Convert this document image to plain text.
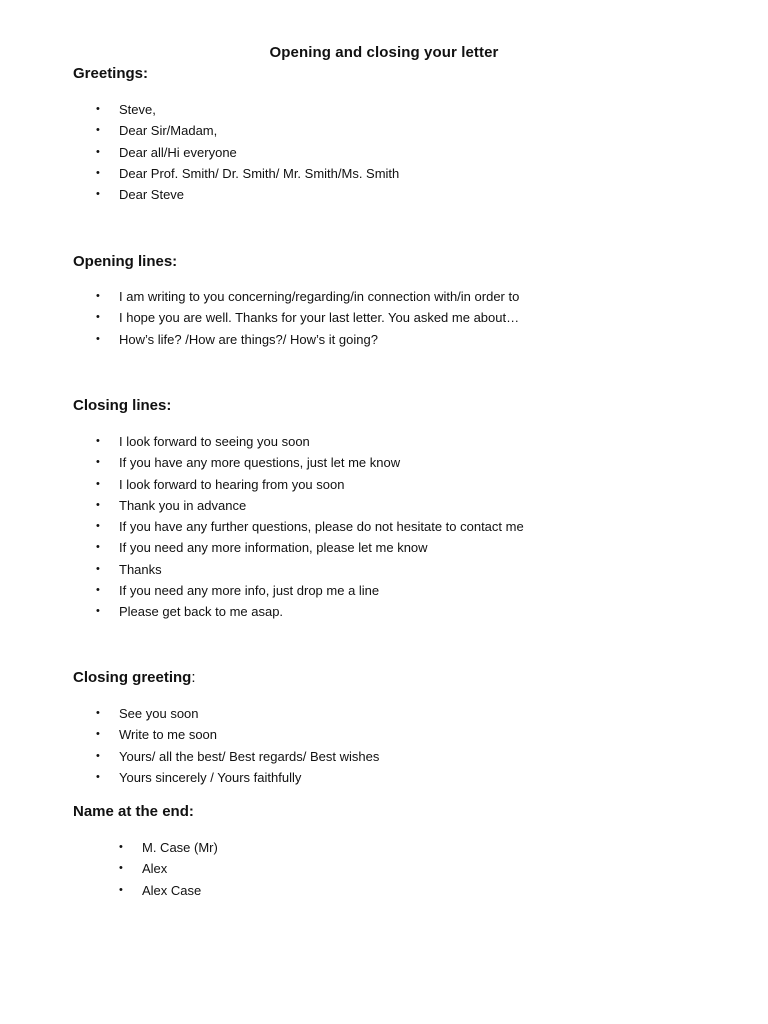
Opening and closing your letter
Greetings:
• Steve,
• Dear Sir/Madam,
• Dear all/Hi everyone
• Dear Prof. Smith/ Dr. Smith/ Mr. Smith/Ms. Smith
• Dear Steve
Opening lines:
• I am writing to you concerning/regarding/in connection with/in order to
• I hope you are well. Thanks for your last letter. You asked me about…
• How’s life? /How are things?/ How’s it going?
Closing lines:
• I look forward to seeing you soon
• If you have any more questions, just let me know
• I look forward to hearing from you soon
• Thank you in advance
• If you have any further questions, please do not hesitate to contact me
• If you need any more information, please let me know
• Thanks
• If you need any more info, just drop me a line
• Please get back to me asap.
Closing greeting:
• See you soon
• Write to me soon
• Yours/ all the best/ Best regards/ Best wishes
• Yours sincerely / Yours faithfully
Name at the end:
• M. Case (Mr)
• Alex
• Alex Case
